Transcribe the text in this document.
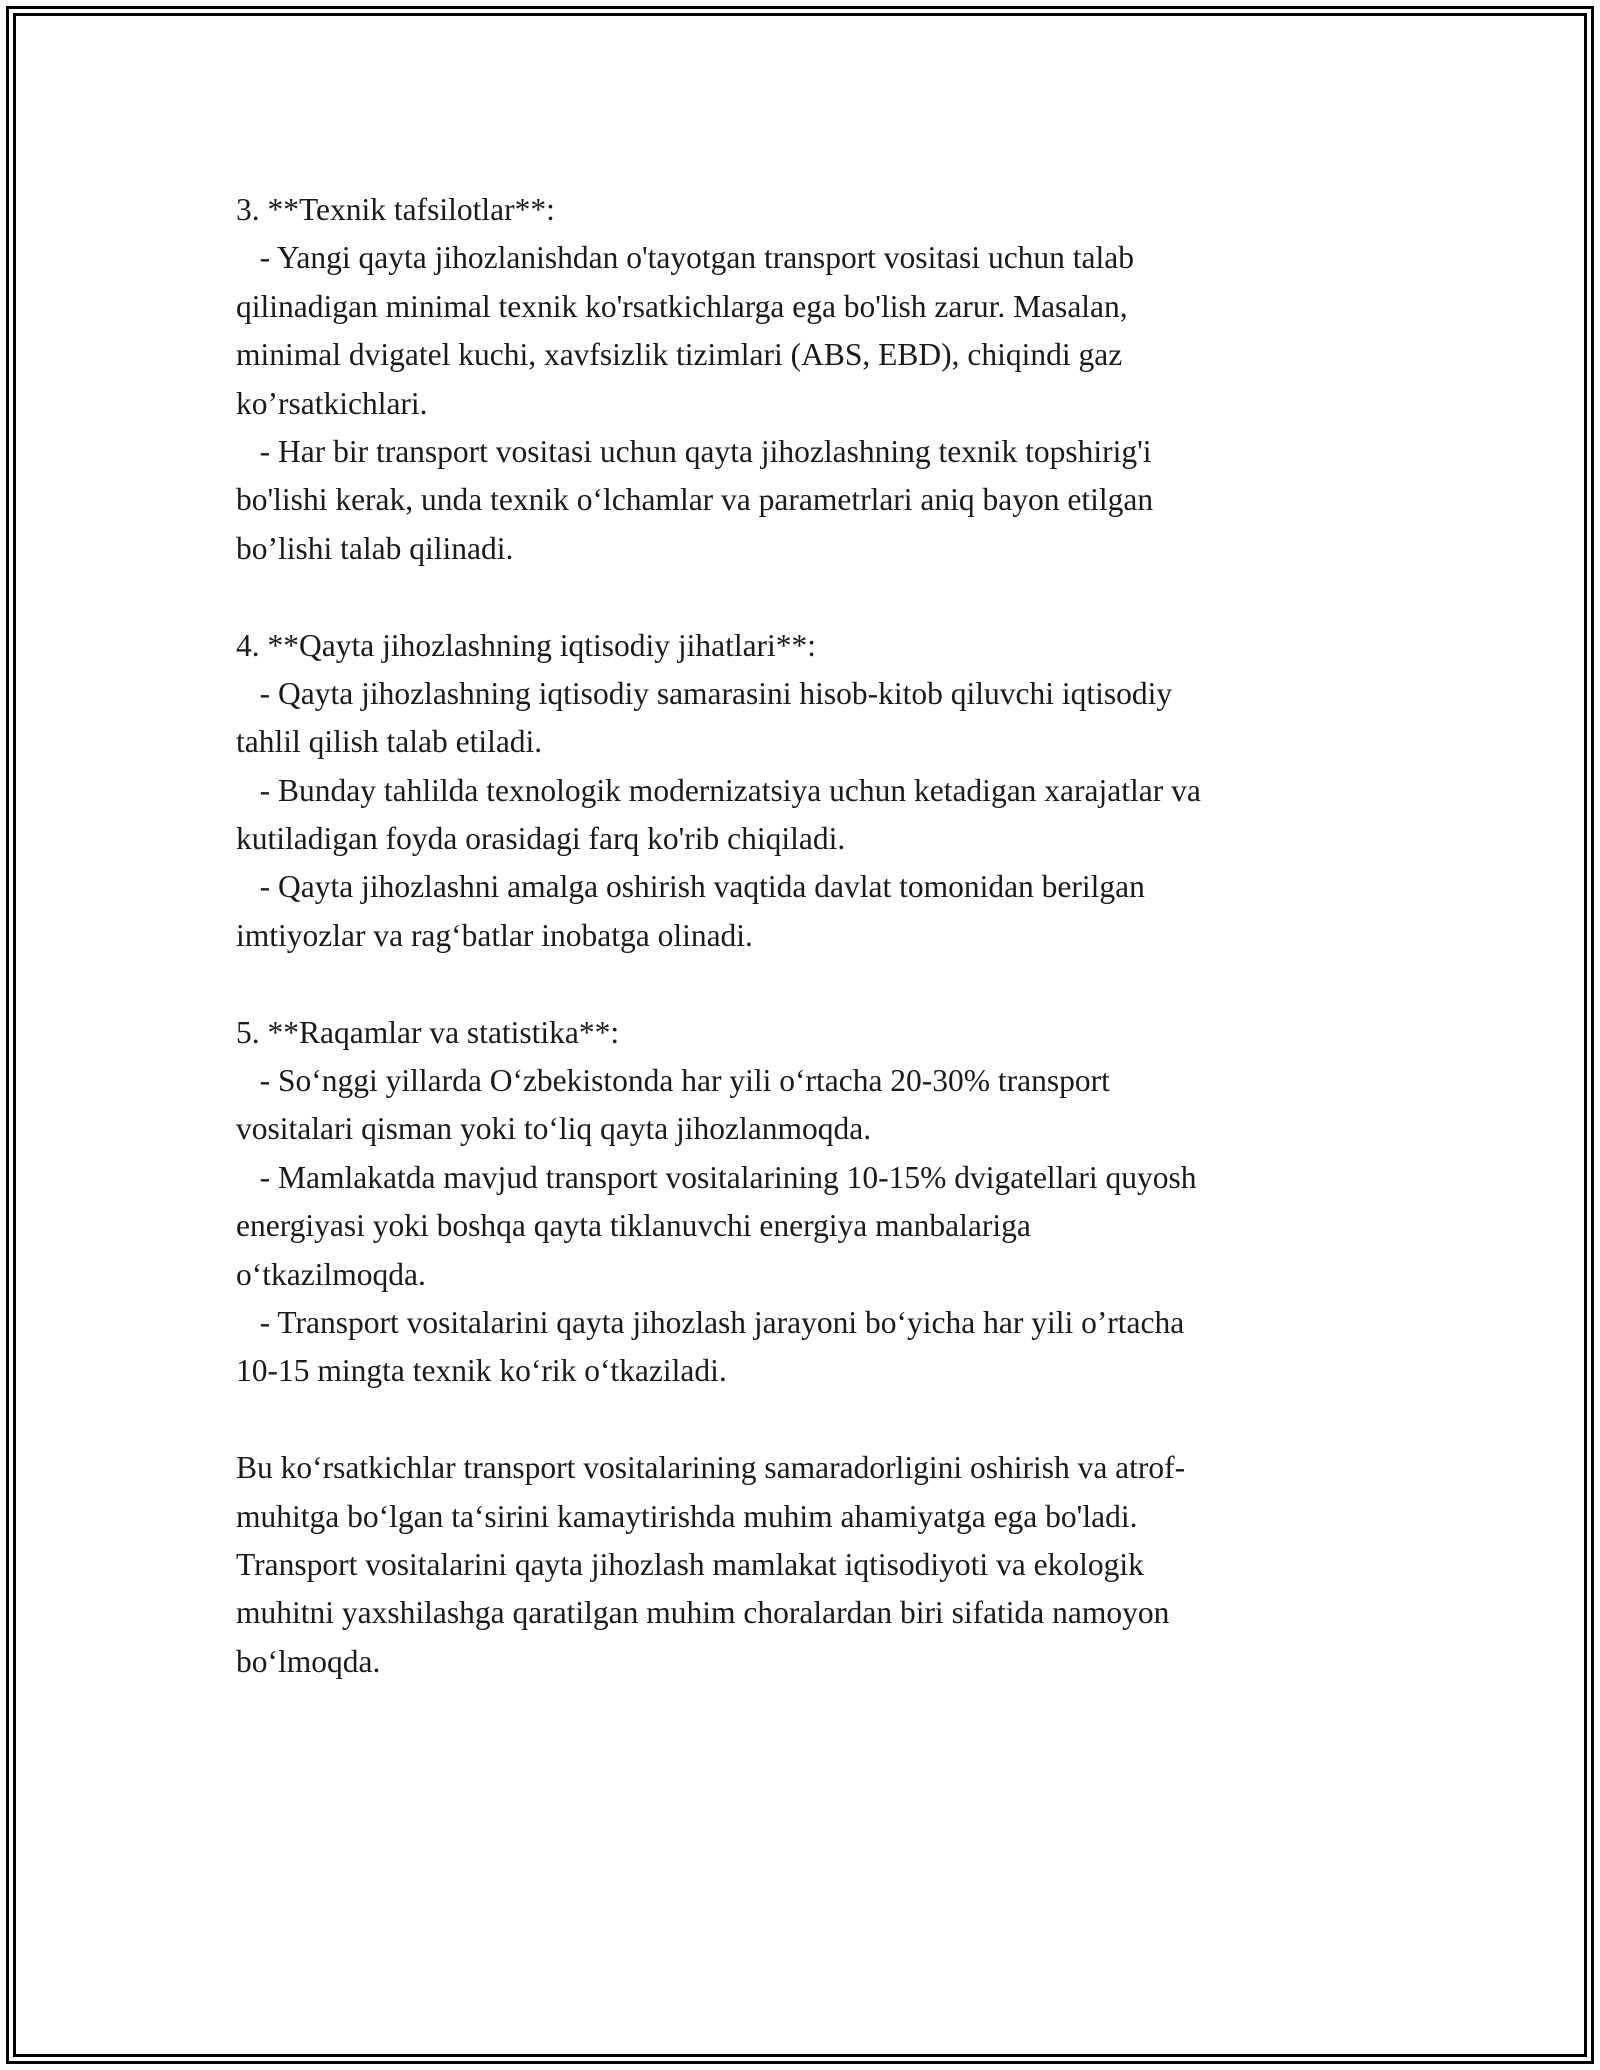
3. **Texnik tafsilotlar**:
- Yangi qayta jihozlanishdan o'tayotgan transport vositasi uchun talab
qilinadigan minimal texnik ko'rsatkichlarga ega bo'lish zarur. Masalan,
minimal dvigatel kuchi, xavfsizlik tizimlari (ABS, EBD), chiqindi gaz
ko’rsatkichlari.
- Har bir transport vositasi uchun qayta jihozlashning texnik topshirig'i
bo'lishi kerak, unda texnik o‘lchamlar va parametrlari aniq bayon etilgan
bo’lishi talab qilinadi.
4. **Qayta jihozlashning iqtisodiy jihatlari**:
- Qayta jihozlashning iqtisodiy samarasini hisob-kitob qiluvchi iqtisodiy
tahlil qilish talab etiladi.
- Bunday tahlilda texnologik modernizatsiya uchun ketadigan xarajatlar va
kutiladigan foyda orasidagi farq ko'rib chiqiladi.
- Qayta jihozlashni amalga oshirish vaqtida davlat tomonidan berilgan
imtiyozlar va rag‘batlar inobatga olinadi.
5. **Raqamlar va statistika**:
- So‘nggi yillarda O‘zbekistonda har yili o‘rtacha 20-30% transport
vositalari qisman yoki to‘liq qayta jihozlanmoqda.
- Mamlakatda mavjud transport vositalarining 10-15% dvigatellari quyosh
energiyasi yoki boshqa qayta tiklanuvchi energiya manbalariga
o‘tkazilmoqda.
- Transport vositalarini qayta jihozlash jarayoni bo‘yicha har yili o’rtacha
10-15 mingta texnik ko‘rik o‘tkaziladi.
Bu ko‘rsatkichlar transport vositalarining samaradorligini oshirish va atrof-
muhitga bo‘lgan ta‘sirini kamaytirishda muhim ahamiyatga ega bo'ladi.
Transport vositalarini qayta jihozlash mamlakat iqtisodiyoti va ekologik
muhitni yaxshilashga qaratilgan muhim choralardan biri sifatida namoyon
bo‘lmoqda.
